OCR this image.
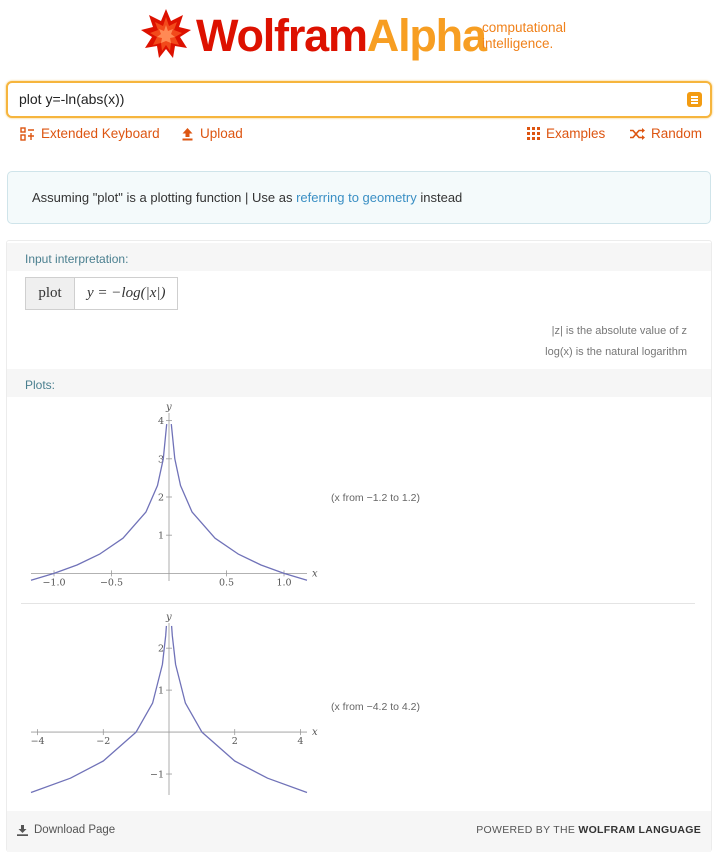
WolframAlpha
computational
intelligence.
plot y=-ln(abs(x))
Extended Keyboard	Upload	Examples	Random
Assuming "plot" is a plotting function | Use as referring to geometry instead
Input interpretation:
plot	y = −log(|x|)
|z| is the absolute value of z
log(x) is the natural logarithm
Plots:
x
y
−1.0	−0.5	0.5	1.0
1
2
3
4
(x from −1.2 to 1.2)
x
y
−4	−2	2	4
−1
1
2
(x from −4.2 to 4.2)
Download Page	POWERED BY THE WOLFRAM LANGUAGE
